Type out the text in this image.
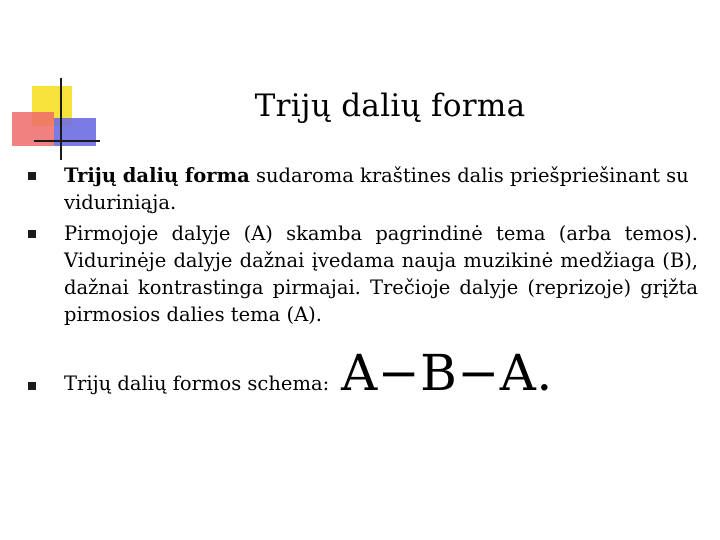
Trijų dalių forma
Trijų dalių forma sudaroma kraštines dalis priešpriešinant su viduriniąja.
Pirmojoje dalyje (A) skamba pagrindinė tema (arba temos). Vidurinėje dalyje dažnai įvedama nauja muzikinė medžiaga (B), dažnai kontrastinga pirmajai. Trečioje dalyje (reprizoje) grįžta pirmosios dalies tema (A).
Trijų dalių formos schema: A−B−A.
